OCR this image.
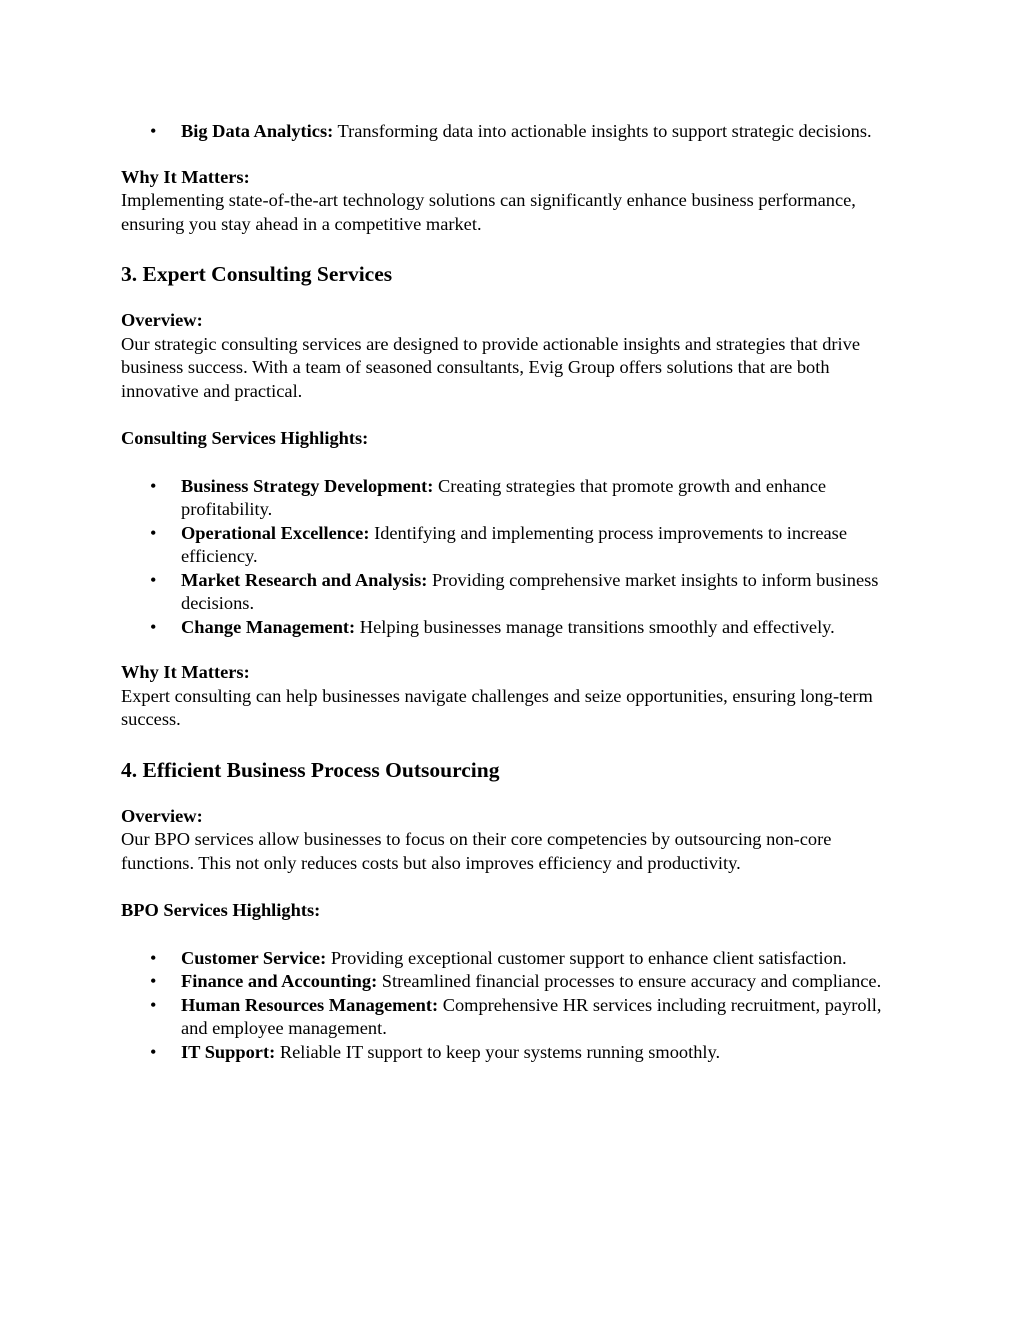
• Big Data Analytics: Transforming data into actionable insights to support strategic decisions.

Why It Matters:

Implementing state-of-the-art technology solutions can significantly enhance business performance, ensuring you stay ahead in a competitive market.

3. Expert Consulting Services

Overview:

Our strategic consulting services are designed to provide actionable insights and strategies that drive business success. With a team of seasoned consultants, Evig Group offers solutions that are both innovative and practical.

Consulting Services Highlights:

• Business Strategy Development: Creating strategies that promote growth and enhance profitability.
• Operational Excellence: Identifying and implementing process improvements to increase efficiency.
• Market Research and Analysis: Providing comprehensive market insights to inform business decisions.
• Change Management: Helping businesses manage transitions smoothly and effectively.

Why It Matters:

Expert consulting can help businesses navigate challenges and seize opportunities, ensuring long-term success.

4. Efficient Business Process Outsourcing

Overview:

Our BPO services allow businesses to focus on their core competencies by outsourcing non-core functions. This not only reduces costs but also improves efficiency and productivity.

BPO Services Highlights:

• Customer Service: Providing exceptional customer support to enhance client satisfaction.
• Finance and Accounting: Streamlined financial processes to ensure accuracy and compliance.
• Human Resources Management: Comprehensive HR services including recruitment, payroll, and employee management.
• IT Support: Reliable IT support to keep your systems running smoothly.
